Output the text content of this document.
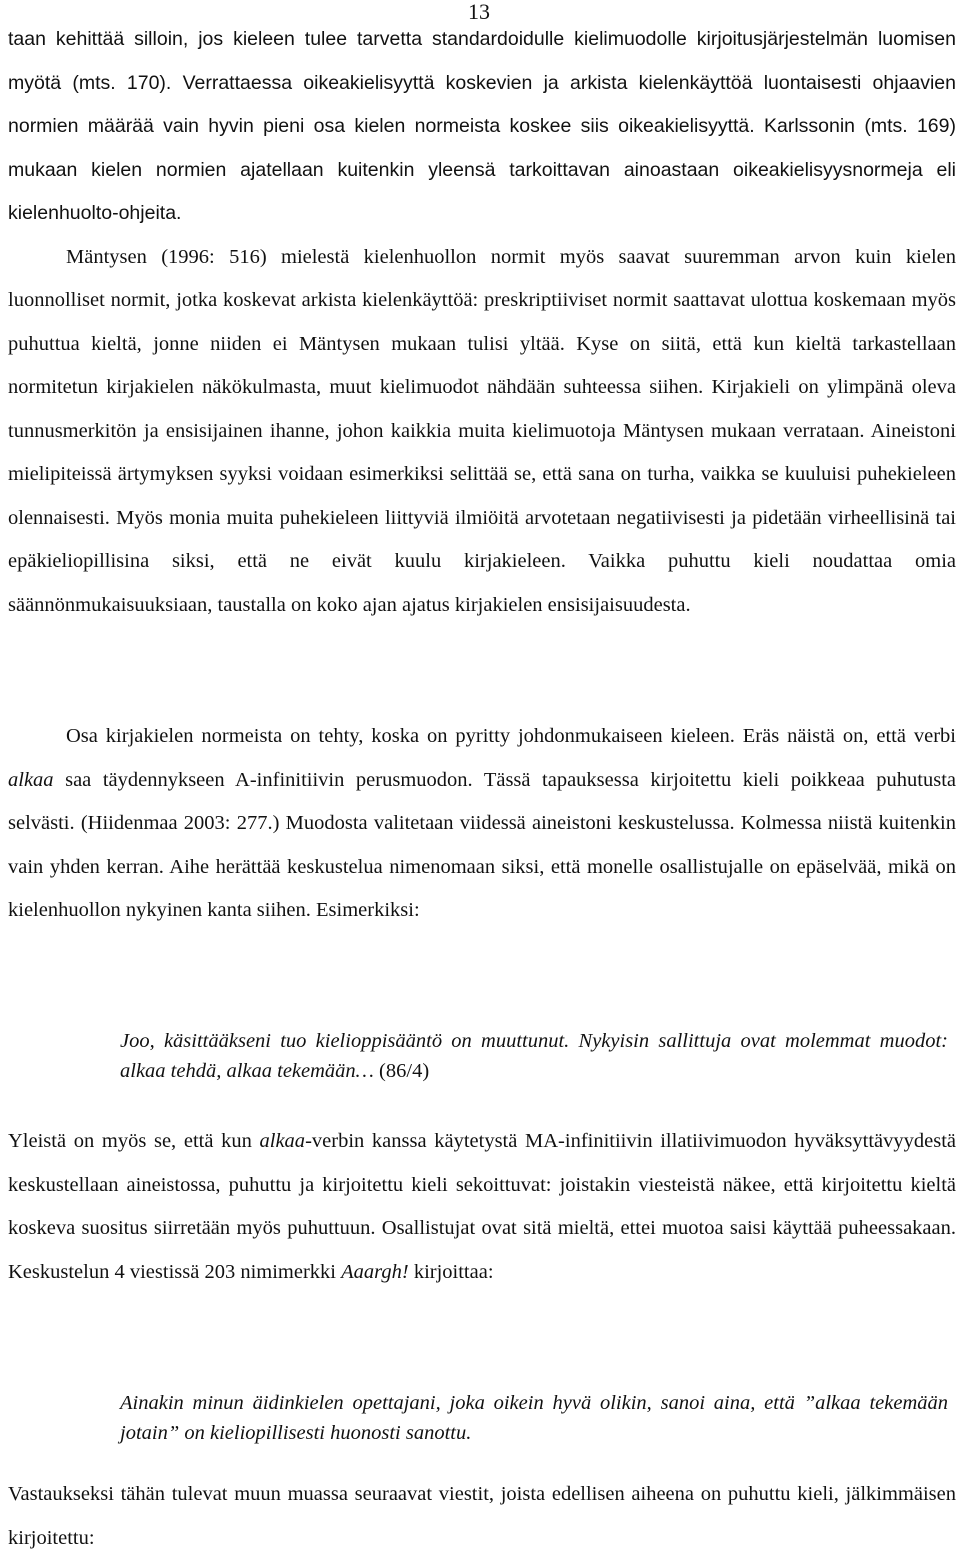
13

taan kehittää silloin, jos kieleen tulee tarvetta standardoidulle kielimuodolle kirjoitusjärjestelmän luomisen myötä (mts. 170). Verrattaessa oikeakielisyyttä koskevien ja arkista kielenkäyttöä luontaisesti ohjaavien normien määrää vain hyvin pieni osa kielen normeista koskee siis oikeakielisyyttä. Karlssonin (mts. 169) mukaan kielen normien ajatellaan kuitenkin yleensä tarkoittavan ainoastaan oikeakielisyysnormeja eli kielenhuolto-ohjeita.

Mäntysen (1996: 516) mielestä kielenhuollon normit myös saavat suuremman arvon kuin kielen luonnolliset normit, jotka koskevat arkista kielenkäyttöä: preskriptiiviset normit saattavat ulottua koskemaan myös puhuttua kieltä, jonne niiden ei Mäntysen mukaan tulisi yltää. Kyse on siitä, että kun kieltä tarkastellaan normitetun kirjakielen näkökulmasta, muut kielimuodot nähdään suhteessa siihen. Kirjakieli on ylimpänä oleva tunnusmerkitön ja ensisijainen ihanne, johon kaikkia muita kielimuotoja Mäntysen mukaan verrataan. Aineistoni mielipiteissä ärtymyksen syyksi voidaan esimerkiksi selittää se, että sana on turha, vaikka se kuuluisi puhekieleen olennaisesti. Myös monia muita puhekieleen liittyviä ilmiöitä arvotetaan negatiivisesti ja pidetään virheellisinä tai epäkieliopillisina siksi, että ne eivät kuulu kirjakieleen. Vaikka puhuttu kieli noudattaa omia säännönmukaisuuksiaan, taustalla on koko ajan ajatus kirjakielen ensisijaisuudesta.

Osa kirjakielen normeista on tehty, koska on pyritty johdonmukaiseen kieleen. Eräs näistä on, että verbi alkaa saa täydennykseen A-infinitiivin perusmuodon. Tässä tapauksessa kirjoitettu kieli poikkeaa puhutusta selvästi. (Hiidenmaa 2003: 277.) Muodosta valitetaan viidessä aineistoni keskustelussa. Kolmessa niistä kuitenkin vain yhden kerran. Aihe herättää keskustelua nimenomaan siksi, että monelle osallistujalle on epäselvää, mikä on kielenhuollon nykyinen kanta siihen. Esimerkiksi:

Joo, käsittääkseni tuo kielioppisääntö on muuttunut. Nykyisin sallittuja ovat molemmat muodot: alkaa tehdä, alkaa tekemään… (86/4)

Yleistä on myös se, että kun alkaa-verbin kanssa käytetystä MA-infinitiivin illatiivimuodon hyväksyttävyydestä keskustellaan aineistossa, puhuttu ja kirjoitettu kieli sekoittuvat: joistakin viesteistä näkee, että kirjoitettu kieltä koskeva suositus siirretään myös puhuttuun. Osallistujat ovat sitä mieltä, ettei muotoa saisi käyttää puheessakaan. Keskustelun 4 viestissä 203 nimimerkki Aaargh! kirjoittaa:

Ainakin minun äidinkielen opettajani, joka oikein hyvä olikin, sanoi aina, että ”alkaa tekemään jotain” on kieliopillisesti huonosti sanottu.

Vastaukseksi tähän tulevat muun muassa seuraavat viestit, joista edellisen aiheena on puhuttu kieli, jälkimmäisen kirjoitettu:
